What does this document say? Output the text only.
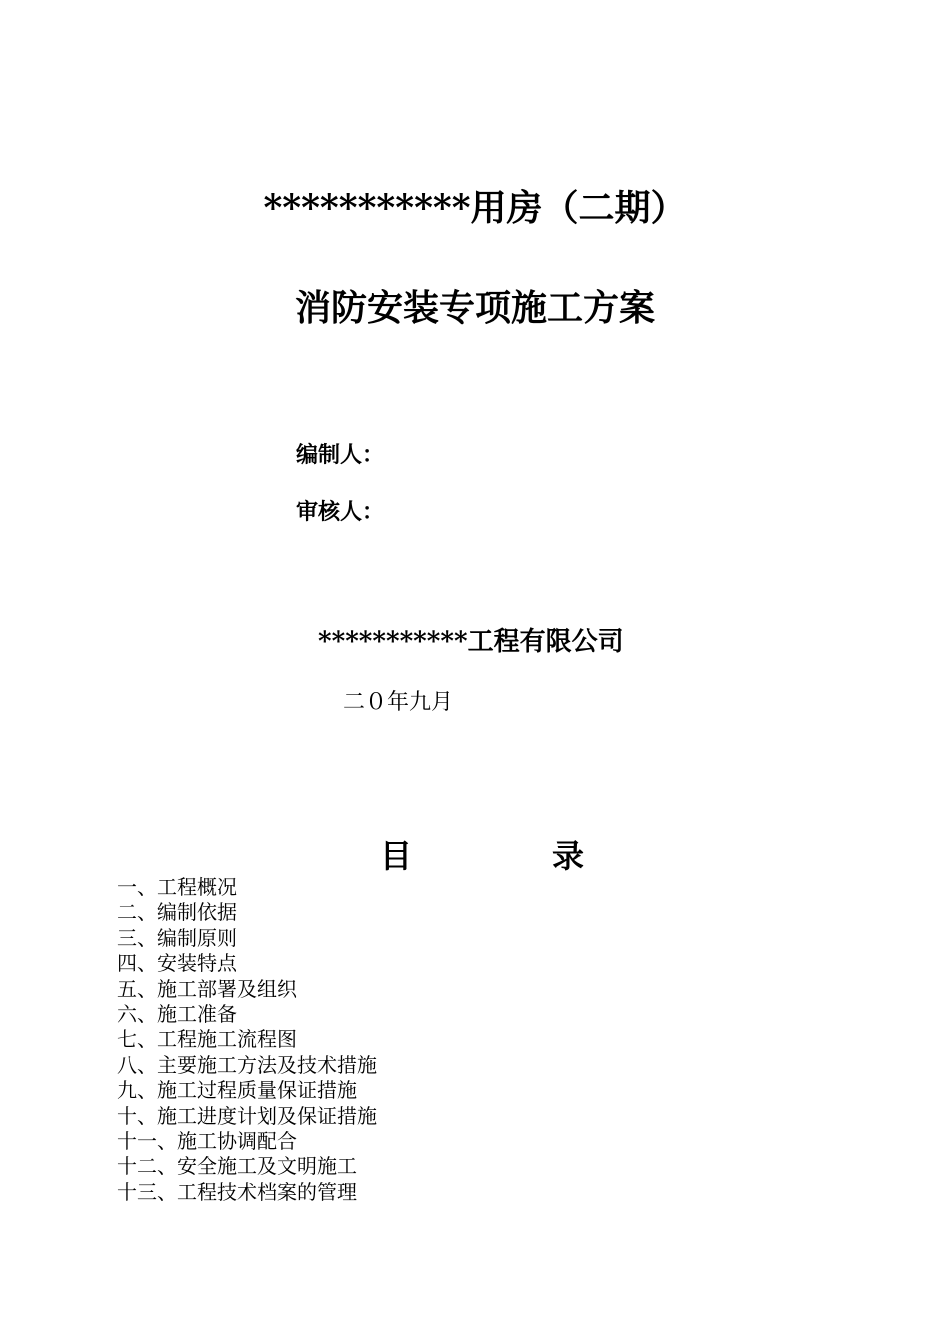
***********用房（二期）
消防安装专项施工方案
编制人：
审核人：
***********工程有限公司
二０年九月
目	录
一、工程概况
二、编制依据
三、编制原则
四、安装特点
五、施工部署及组织
六、施工准备
七、工程施工流程图
八、主要施工方法及技术措施
九、施工过程质量保证措施
十、施工进度计划及保证措施
十一、施工协调配合
十二、安全施工及文明施工
十三、工程技术档案的管理
